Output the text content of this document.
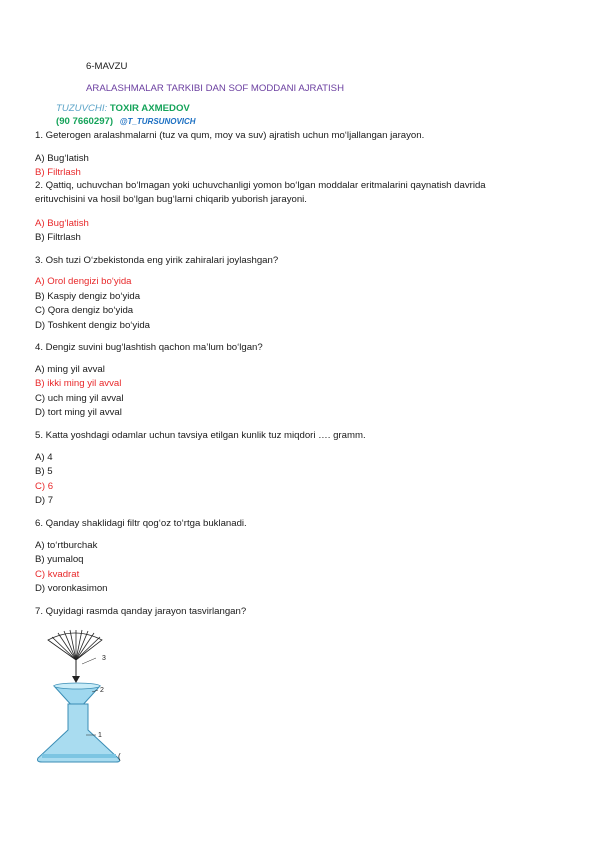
6-MAVZU
ARALASHMALAR TARKIBI DAN SOF MODDANI AJRATISH
TUZUVCHI: TOXIR AXMEDOV
(90 7660297) @T_TURSUNOVICH
1. Geterogen aralashmalarni (tuz va qum, moy va suv) ajratish uchun mo‘ljallangan jarayon.
A) Bug‘latish
B) Filtrlash
2. Qattiq, uchuvchan bo‘lmagan yoki uchuvchanligi yomon bo‘lgan moddalar eritmalarini qaynatish davrida erituvchisini va hosil bo‘lgan bug‘larni chiqarib yuborish jarayoni.
A) Bug‘latish
B) Filtrlash
3. Osh tuzi O‘zbekistonda eng yirik zahiralari joylashgan?
A) Orol dengizi bo‘yida
B) Kaspiy dengiz bo‘yida
C) Qora dengiz bo‘yida
D) Toshkent dengiz bo‘yida
4. Dengiz suvini bug‘lashtish qachon ma’lum bo‘lgan?
A) ming yil avval
B) ikki ming yil avval
C) uch ming yil avval
D) tort ming yil avval
5. Katta yoshdagi odamlar uchun tavsiya etilgan kunlik tuz miqdori …. gramm.
A) 4
B) 5
C) 6
D) 7
6. Qanday shaklidagi filtr qog‘oz to‘rtga buklanadi.
A) to‘rtburchak
B) yumaloq
C) kvadrat
D) voronkasimon
7. Quyidagi rasmda qanday jarayon tasvirlangan?
3
2
1
(
